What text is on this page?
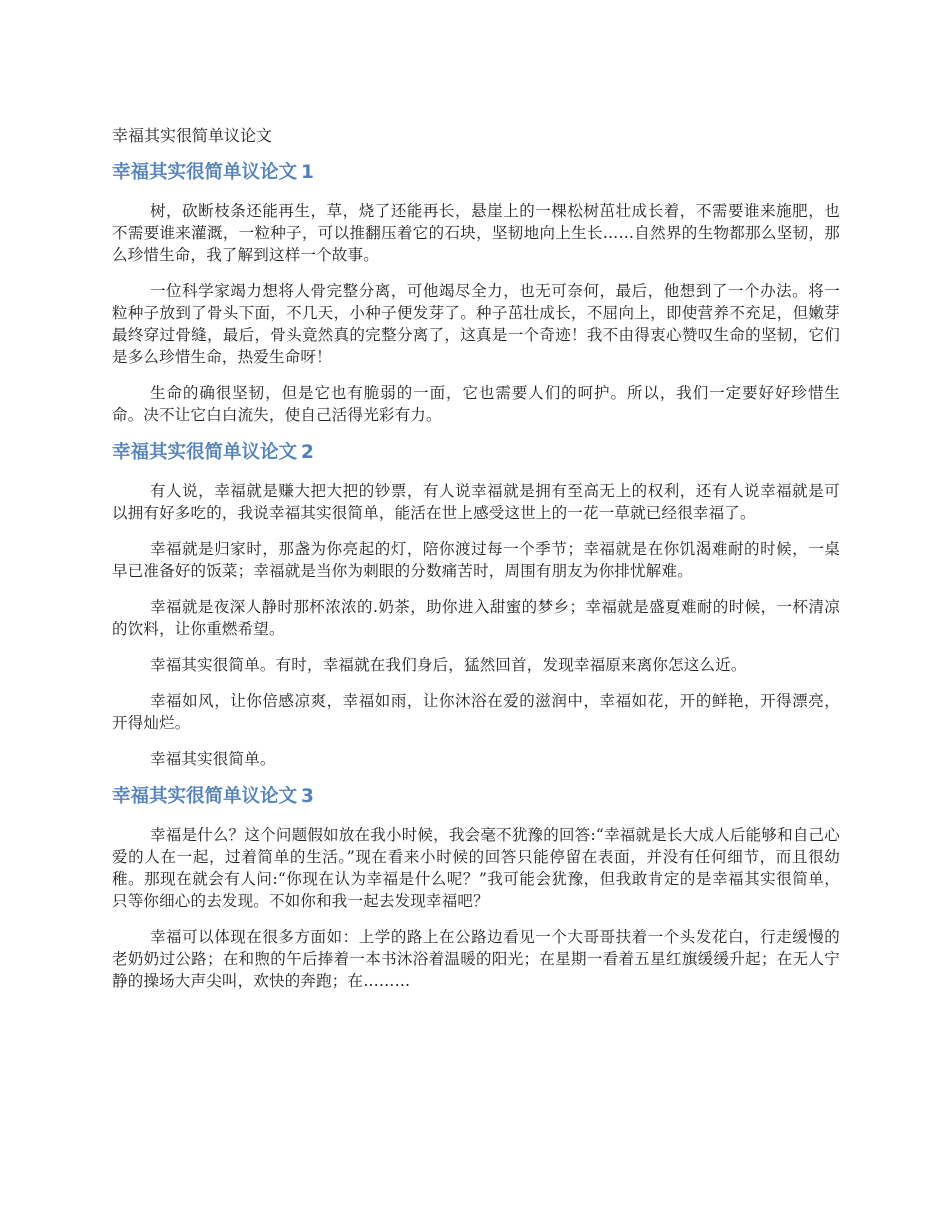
幸福其实很简单议论文
幸福其实很简单议论文 1

树，砍断枝条还能再生，草，烧了还能再长，悬崖上的一棵松树茁壮成长着，不需要谁来施肥，也不需要谁来灌溉，一粒种子，可以推翻压着它的石块，坚韧地向上生长……自然界的生物都那么坚韧，那么珍惜生命，我了解到这样一个故事。

一位科学家竭力想将人骨完整分离，可他竭尽全力，也无可奈何，最后，他想到了一个办法。将一粒种子放到了骨头下面，不几天，小种子便发芽了。种子茁壮成长，不屈向上，即使营养不充足，但嫩芽最终穿过骨缝，最后，骨头竟然真的完整分离了，这真是一个奇迹！我不由得衷心赞叹生命的坚韧，它们是多么珍惜生命，热爱生命呀！

生命的确很坚韧，但是它也有脆弱的一面，它也需要人们的呵护。所以，我们一定要好好珍惜生命。决不让它白白流失，使自己活得光彩有力。

幸福其实很简单议论文 2

有人说，幸福就是赚大把大把的钞票，有人说幸福就是拥有至高无上的权利，还有人说幸福就是可以拥有好多吃的，我说幸福其实很简单，能活在世上感受这世上的一花一草就已经很幸福了。

幸福就是归家时，那盏为你亮起的灯，陪你渡过每一个季节；幸福就是在你饥渴难耐的时候，一桌早已准备好的饭菜；幸福就是当你为刺眼的分数痛苦时，周围有朋友为你排忧解难。

幸福就是夜深人静时那杯浓浓的.奶茶，助你进入甜蜜的梦乡；幸福就是盛夏难耐的时候，一杯清凉的饮料，让你重燃希望。

幸福其实很简单。有时，幸福就在我们身后，猛然回首，发现幸福原来离你怎这么近。

幸福如风，让你倍感凉爽，幸福如雨，让你沐浴在爱的滋润中，幸福如花，开的鲜艳，开得漂亮，开得灿烂。

幸福其实很简单。

幸福其实很简单议论文 3

幸福是什么？这个问题假如放在我小时候，我会毫不犹豫的回答:“幸福就是长大成人后能够和自己心爱的人在一起，过着简单的生活。”现在看来小时候的回答只能停留在表面，并没有任何细节，而且很幼稚。那现在就会有人问:“你现在认为幸福是什么呢？”我可能会犹豫，但我敢肯定的是幸福其实很简单，只等你细心的去发现。不如你和我一起去发现幸福吧？

幸福可以体现在很多方面如：上学的路上在公路边看见一个大哥哥扶着一个头发花白，行走缓慢的老奶奶过公路；在和煦的午后捧着一本书沐浴着温暖的阳光；在星期一看着五星红旗缓缓升起；在无人宁静的操场大声尖叫，欢快的奔跑；在………
